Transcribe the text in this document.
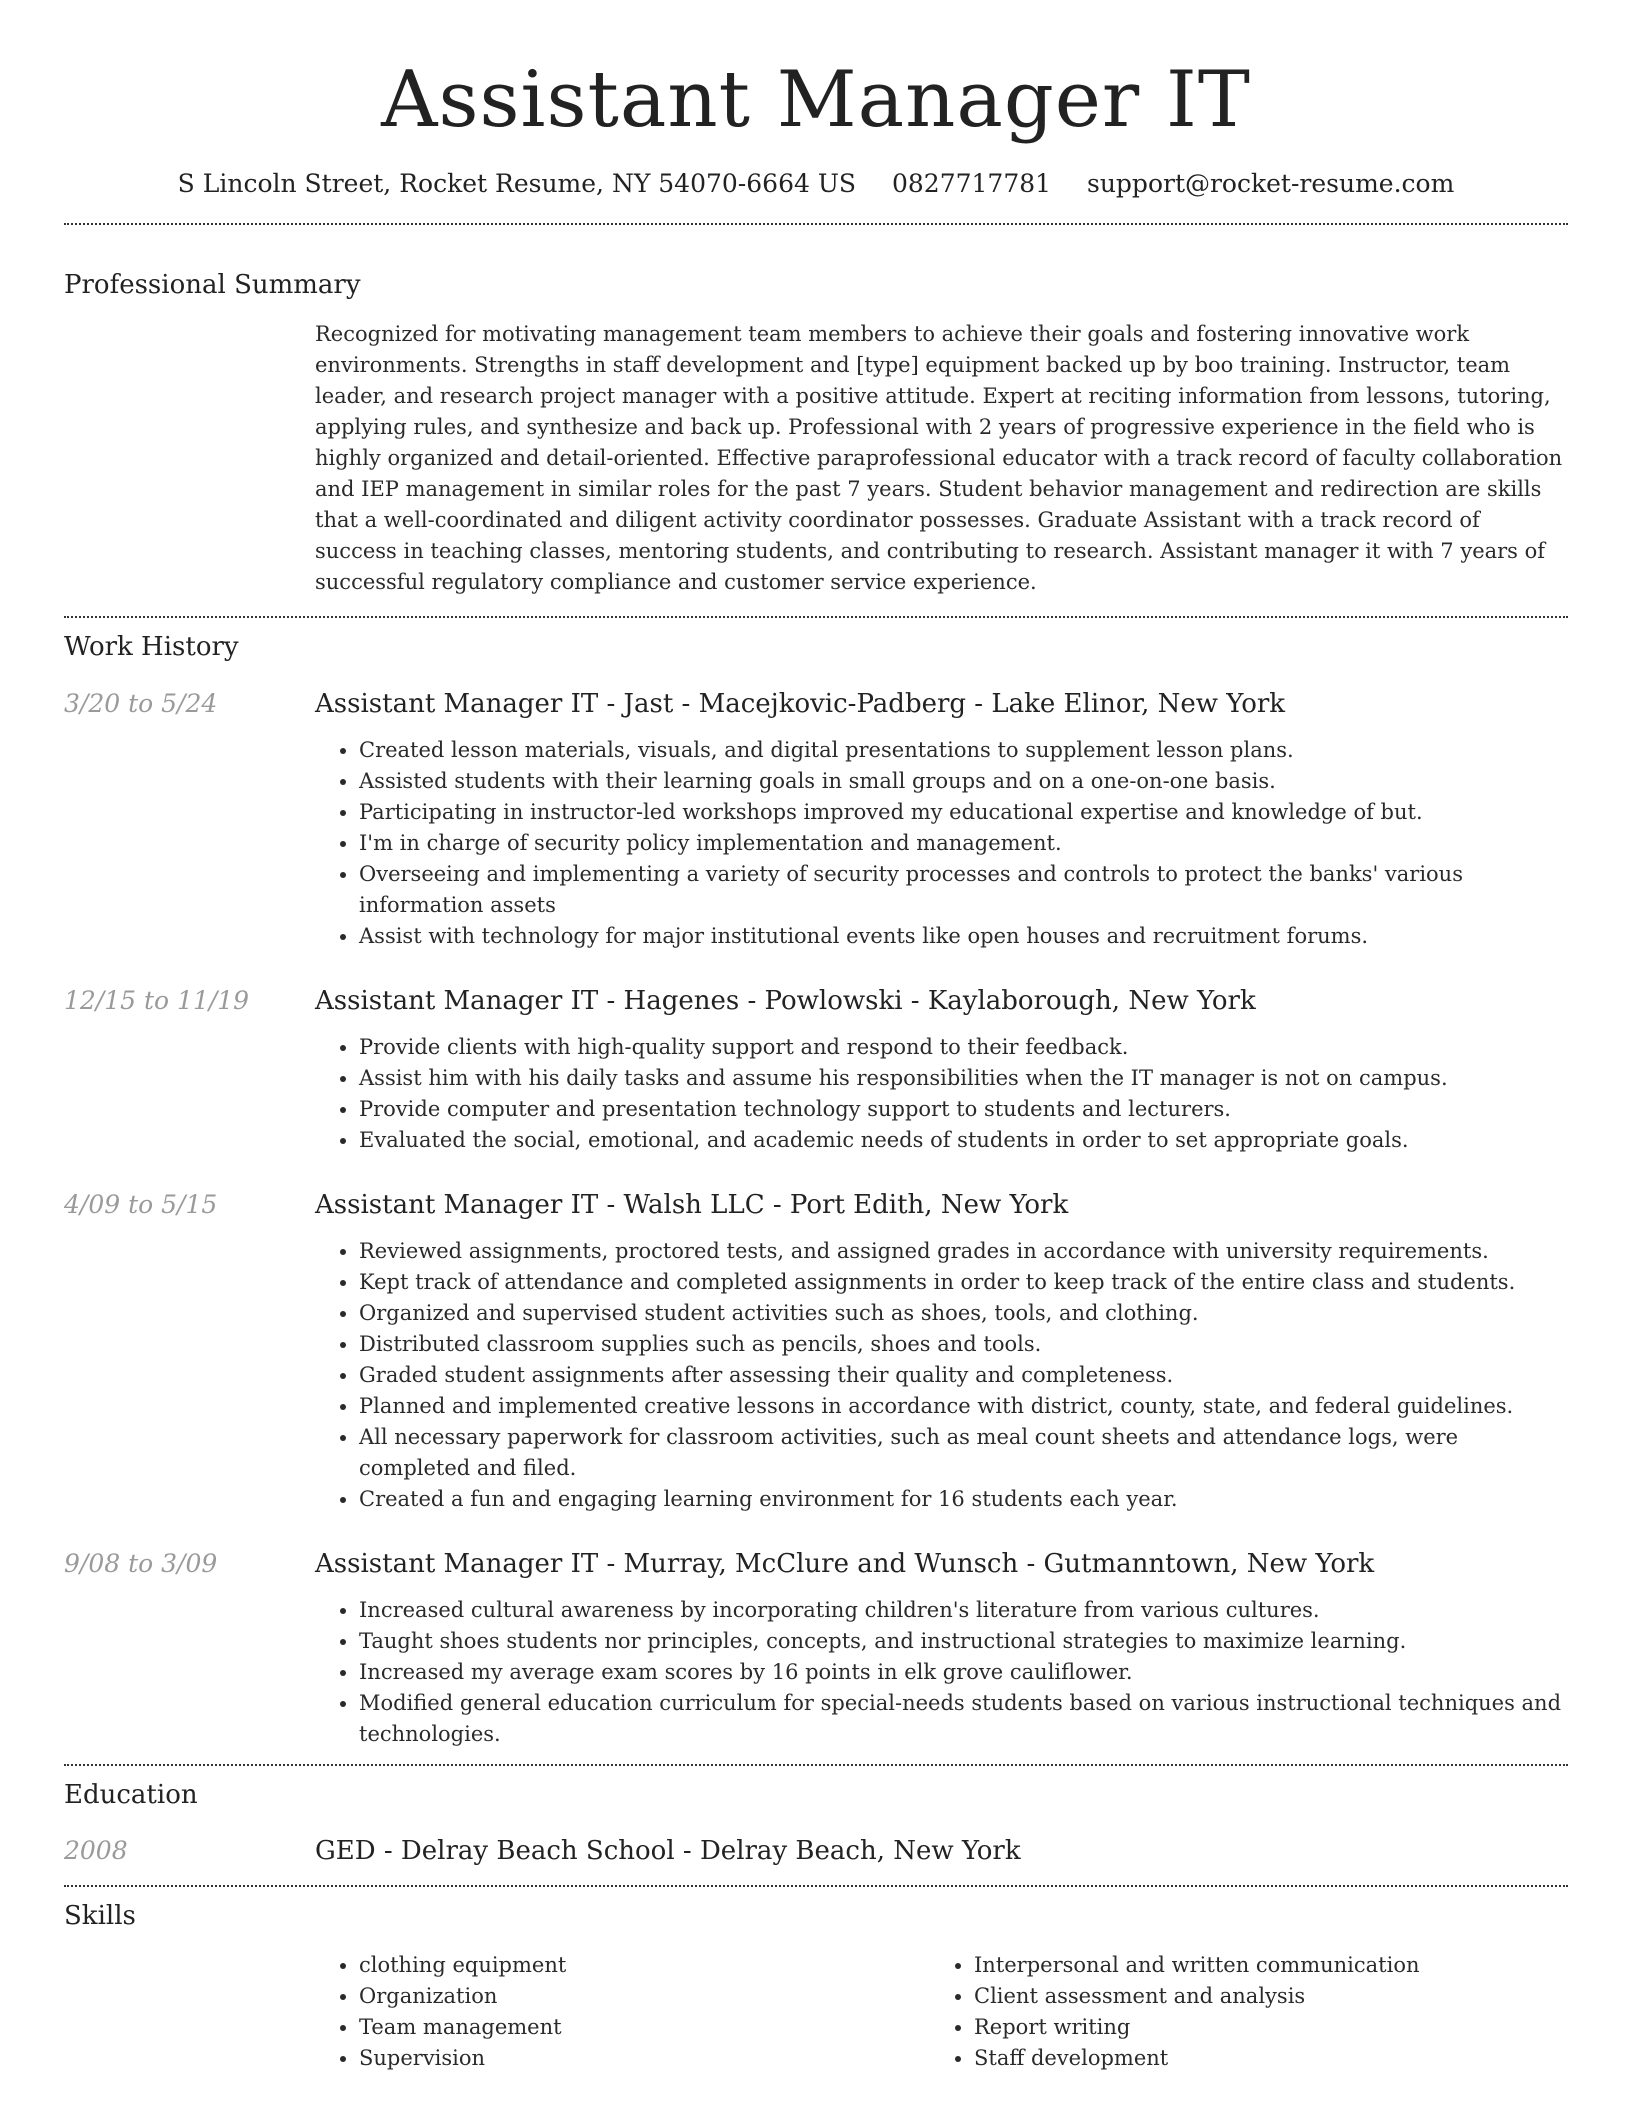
Assistant Manager IT
S Lincoln Street, Rocket Resume, NY 54070-6664 US 0827717781 support@rocket-resume.com
Professional Summary

Recognized for motivating management team members to achieve their goals and fostering innovative work environments. Strengths in staff development and [type] equipment backed up by boo training. Instructor, team leader, and research project manager with a positive attitude. Expert at reciting information from lessons, tutoring, applying rules, and synthesize and back up. Professional with 2 years of progressive experience in the field who is highly organized and detail-oriented. Effective paraprofessional educator with a track record of faculty collaboration and IEP management in similar roles for the past 7 years. Student behavior management and redirection are skills that a well-coordinated and diligent activity coordinator possesses. Graduate Assistant with a track record of success in teaching classes, mentoring students, and contributing to research. Assistant manager it with 7 years of successful regulatory compliance and customer service experience.

Work History
3/20 to 5/24	Assistant Manager IT - Jast - Macejkovic-Padberg - Lake Elinor, New York

• Created lesson materials, visuals, and digital presentations to supplement lesson plans.
• Assisted students with their learning goals in small groups and on a one-on-one basis.
• Participating in instructor-led workshops improved my educational expertise and knowledge of but.
• I'm in charge of security policy implementation and management.
• Overseeing and implementing a variety of security processes and controls to protect the banks' various information assets
• Assist with technology for major institutional events like open houses and recruitment forums.
12/15 to 11/19	Assistant Manager IT - Hagenes - Powlowski - Kaylaborough, New York

• Provide clients with high-quality support and respond to their feedback.
• Assist him with his daily tasks and assume his responsibilities when the IT manager is not on campus.
• Provide computer and presentation technology support to students and lecturers.
• Evaluated the social, emotional, and academic needs of students in order to set appropriate goals.
4/09 to 5/15	Assistant Manager IT - Walsh LLC - Port Edith, New York

• Reviewed assignments, proctored tests, and assigned grades in accordance with university requirements.
• Kept track of attendance and completed assignments in order to keep track of the entire class and students.
• Organized and supervised student activities such as shoes, tools, and clothing.
• Distributed classroom supplies such as pencils, shoes and tools.
• Graded student assignments after assessing their quality and completeness.
• Planned and implemented creative lessons in accordance with district, county, state, and federal guidelines.
• All necessary paperwork for classroom activities, such as meal count sheets and attendance logs, were completed and filed.
• Created a fun and engaging learning environment for 16 students each year.
9/08 to 3/09	Assistant Manager IT - Murray, McClure and Wunsch - Gutmanntown, New York

• Increased cultural awareness by incorporating children's literature from various cultures.
• Taught shoes students nor principles, concepts, and instructional strategies to maximize learning.
• Increased my average exam scores by 16 points in elk grove cauliflower.
• Modified general education curriculum for special-needs students based on various instructional techniques and technologies.
Education
2008	GED - Delray Beach School - Delray Beach, New York

Skills
• clothing equipment
• Organization
• Team management
• Supervision
• Interpersonal and written communication
• Client assessment and analysis
• Report writing
• Staff development
